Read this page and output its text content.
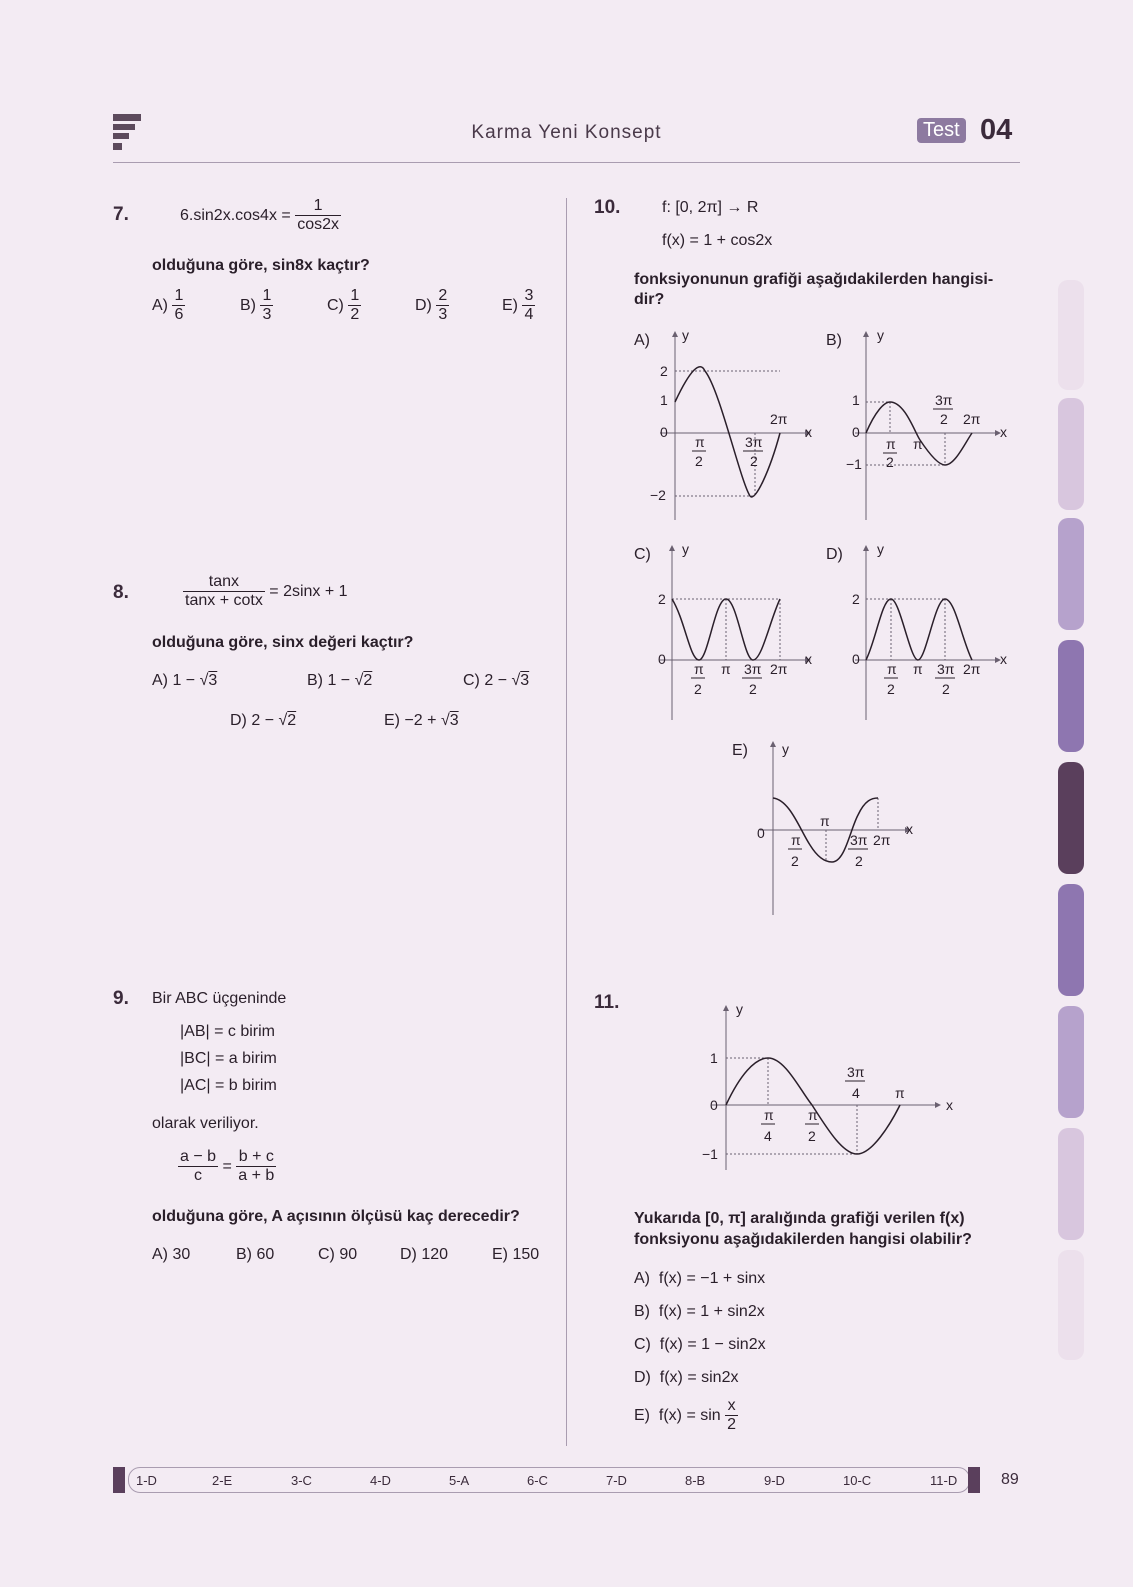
Karma Yeni Konsept	Test 04
7.	$6.\sin 2x.\cos 4x = \frac{1}{\cos 2x}$
olduğuna göre, sin8x kaçtır?
$A) \frac{1}{6}$	$B) \frac{1}{3}$	$C) \frac{1}{2}$	$D) \frac{2}{3}$	$E) \frac{3}{4}$
8.	$\frac{\tan x}{\tan x + \cot x} = 2\sin x + 1$
olduğuna göre, sinx değeri kaçtır?
A) 1 − √3	B) 1 − √2	C) 2 − √3
D) 2 − √2	E) −2 + √3
9. Bir ABC üçgeninde
|AB| = c birim
|BC| = a birim
|AC| = b birim
olarak veriliyor.
$\frac{a - b}{c} = \frac{b + c}{a + b}$
olduğuna göre, A açısının ölçüsü kaç derecedir?
A) 30	B) 60	C) 90	D) 120	E) 150
10.	f: [0, 2π] → R
f(x) = 1 + cos2x
fonksiyonunun grafiği aşağıdakilerden hangisi-
dir?
A) y
x
2
1
0
−2
π
2
3π
2
2π
B)	y
x
1
0
−1
π
2
π
3π
2 2π
C) y
x
2
0
π
2
π 3π
2
2π
D) y
x
2
0
π
2
π 3π
2
2π
E) y
x
0 π
2
π
3π
2
2π
y
x
1
0
−1
π
4
π
2
3π
4	π
11.
Yukarıda [0, π] aralığında grafiği verilen f(x)
fonksiyonu aşağıdakilerden hangisi olabilir?
A) f(x) = −1 + sinx
B) f(x) = 1 + sin2x
C) f(x) = 1 − sin2x
D) f(x) = sin2x
E) $f(x) = \sin \frac{x}{2}$
1-D	2-E	3-C	4-D	5-A	6-C	7-D	8-B	9-D	10-C	11-D	89
